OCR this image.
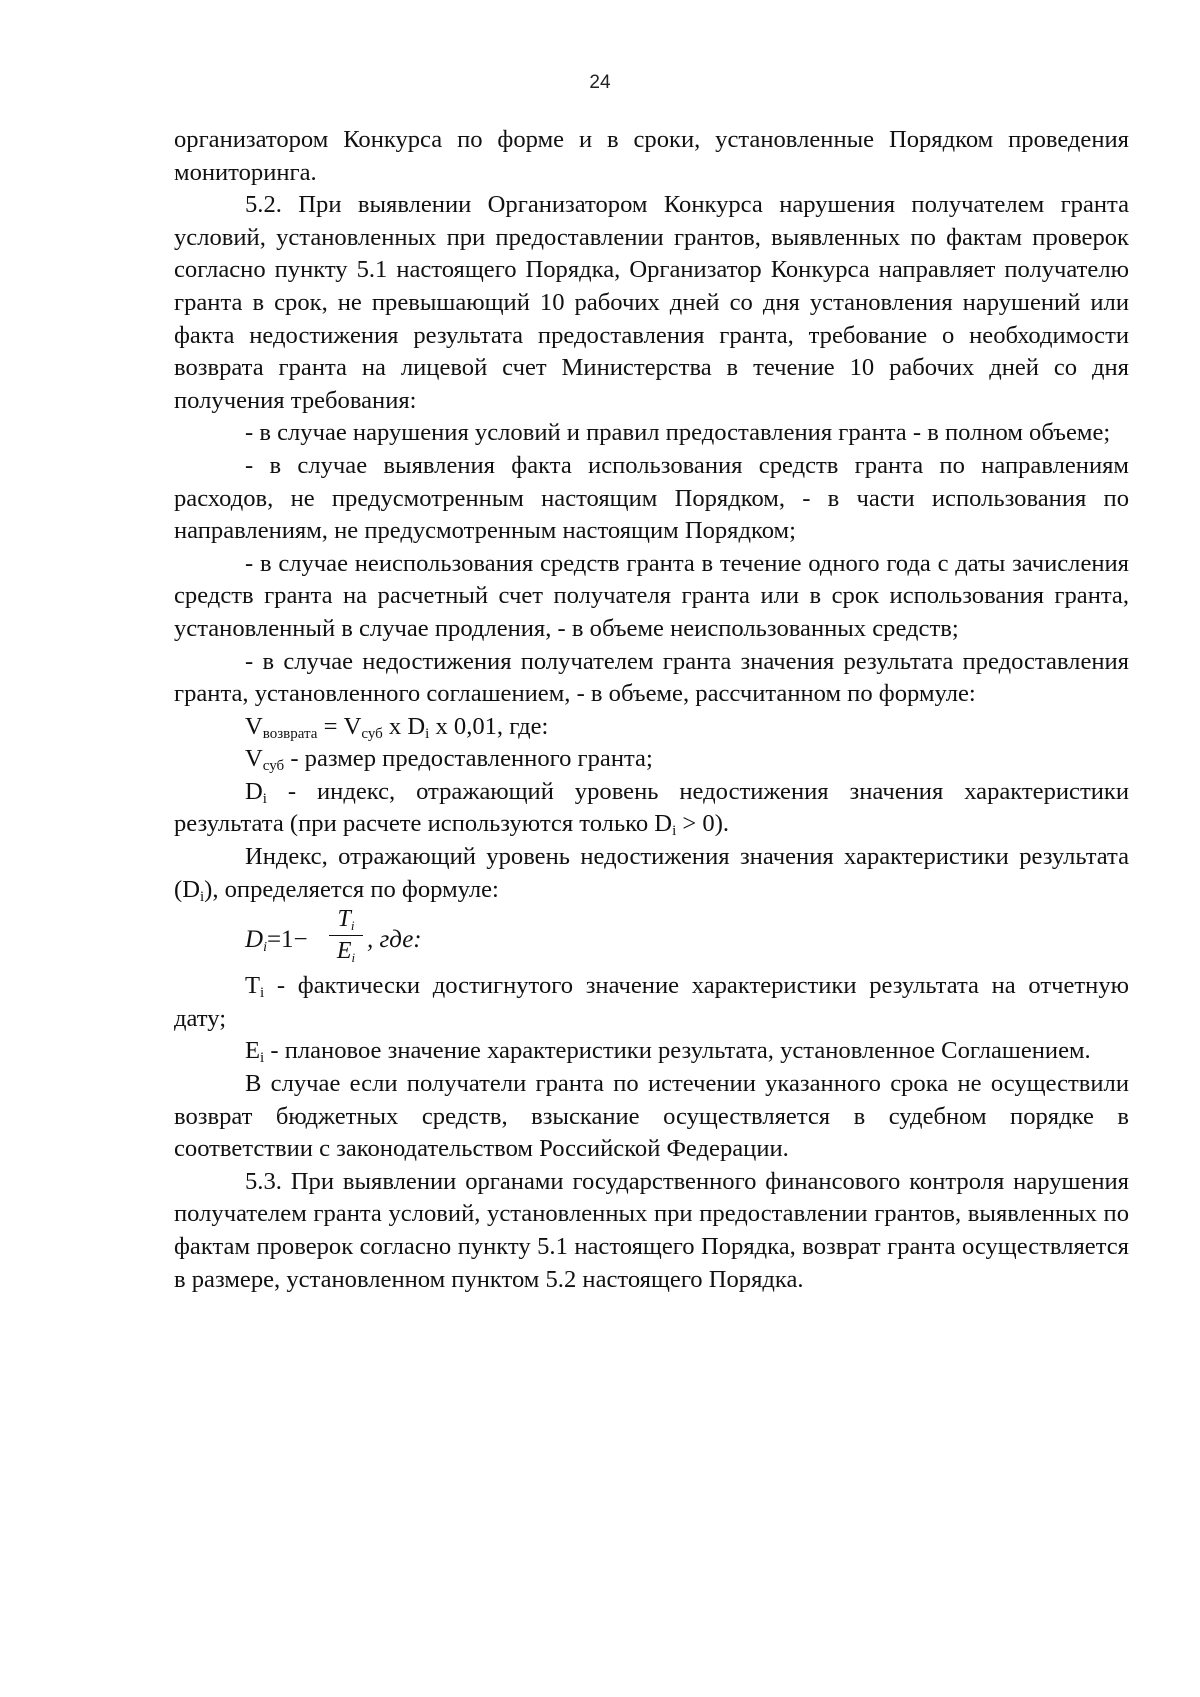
24

организатором Конкурса по форме и в сроки, установленные Порядком проведения мониторинга.

5.2. При выявлении Организатором Конкурса нарушения получателем гранта условий, установленных при предоставлении грантов, выявленных по фактам проверок согласно пункту 5.1 настоящего Порядка, Организатор Конкурса направляет получателю гранта в срок, не превышающий 10 рабочих дней со дня установления нарушений или факта недостижения результата предоставления гранта, требование о необходимости возврата гранта на лицевой счет Министерства в течение 10 рабочих дней со дня получения требования:

- в случае нарушения условий и правил предоставления гранта - в полном объеме;

- в случае выявления факта использования средств гранта по направлениям расходов, не предусмотренным настоящим Порядком, - в части использования по направлениям, не предусмотренным настоящим Порядком;

- в случае неиспользования средств гранта в течение одного года с даты зачисления средств гранта на расчетный счет получателя гранта или в срок использования гранта, установленный в случае продления, - в объеме неиспользованных средств;

- в случае недостижения получателем гранта значения результата предоставления гранта, установленного соглашением, - в объеме, рассчитанном по формуле:

$V_{возврата} = V_{суб}$ х $D_i$ х 0,01, где:

$V_{суб}$ - размер предоставленного гранта;

$D_i$ - индекс, отражающий уровень недостижения значения характеристики результата (при расчете используются только $D_i > 0$).

Индекс, отражающий уровень недостижения значения характеристики результата $(D_i)$, определяется по формуле:

$D_i=1-$
$T_i$
$E_i$
, где:

$T_i$ - фактически достигнутого значение характеристики результата на отчетную дату;

$E_i$ - плановое значение характеристики результата, установленное Соглашением.

В случае если получатели гранта по истечении указанного срока не осуществили возврат бюджетных средств, взыскание осуществляется в судебном порядке в соответствии с законодательством Российской Федерации.

5.3. При выявлении органами государственного финансового контроля нарушения получателем гранта условий, установленных при предоставлении грантов, выявленных по фактам проверок согласно пункту 5.1 настоящего Порядка, возврат гранта осуществляется в размере, установленном пунктом 5.2 настоящего Порядка.
